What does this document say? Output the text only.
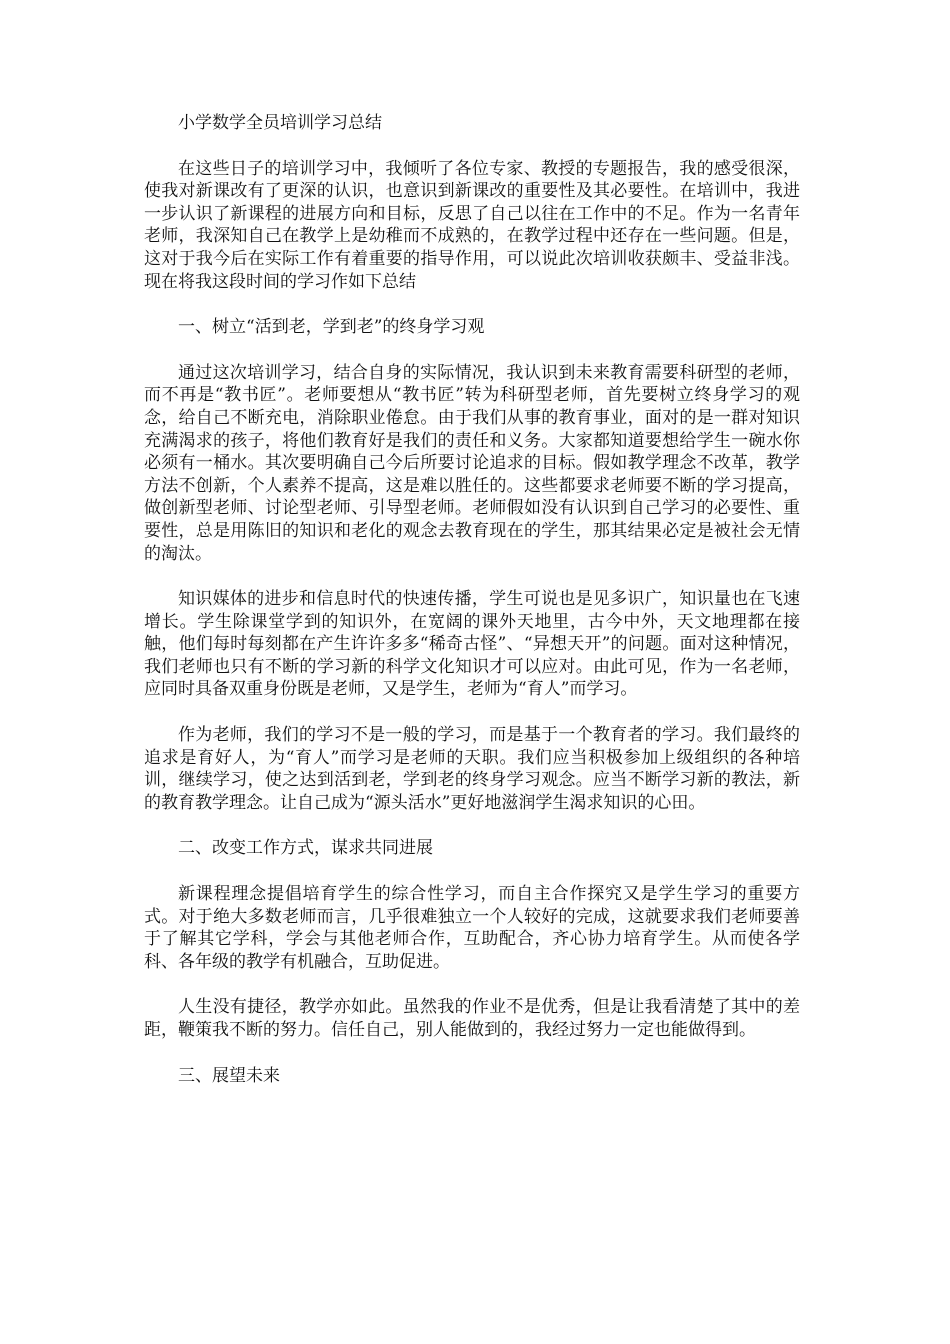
小学数学全员培训学习总结

在这些日子的培训学习中，我倾听了各位专家、教授的专题报告，我的感受很深，使我对新课改有了更深的认识，也意识到新课改的重要性及其必要性。在培训中，我进一步认识了新课程的进展方向和目标，反思了自己以往在工作中的不足。作为一名青年老师，我深知自己在教学上是幼稚而不成熟的，在教学过程中还存在一些问题。但是，这对于我今后在实际工作有着重要的指导作用，可以说此次培训收获颇丰、受益非浅。现在将我这段时间的学习作如下总结

一、树立“活到老，学到老”的终身学习观

通过这次培训学习，结合自身的实际情况，我认识到未来教育需要科研型的老师，而不再是“教书匠”。老师要想从“教书匠”转为科研型老师，首先要树立终身学习的观念，给自己不断充电，消除职业倦怠。由于我们从事的教育事业，面对的是一群对知识充满渴求的孩子，将他们教育好是我们的责任和义务。大家都知道要想给学生一碗水你必须有一桶水。其次要明确自己今后所要讨论追求的目标。假如教学理念不改革，教学方法不创新，个人素养不提高，这是难以胜任的。这些都要求老师要不断的学习提高，做创新型老师、讨论型老师、引导型老师。老师假如没有认识到自己学习的必要性、重要性，总是用陈旧的知识和老化的观念去教育现在的学生，那其结果必定是被社会无情的淘汰。

知识媒体的进步和信息时代的快速传播，学生可说也是见多识广，知识量也在飞速增长。学生除课堂学到的知识外，在宽阔的课外天地里，古今中外，天文地理都在接触，他们每时每刻都在产生许许多多“稀奇古怪”、“异想天开”的问题。面对这种情况，我们老师也只有不断的学习新的科学文化知识才可以应对。由此可见，作为一名老师，应同时具备双重身份既是老师，又是学生，老师为“育人”而学习。

作为老师，我们的学习不是一般的学习，而是基于一个教育者的学习。我们最终的追求是育好人，为“育人”而学习是老师的天职。我们应当积极参加上级组织的各种培训，继续学习，使之达到活到老，学到老的终身学习观念。应当不断学习新的教法，新的教育教学理念。让自己成为“源头活水”更好地滋润学生渴求知识的心田。

二、改变工作方式，谋求共同进展

新课程理念提倡培育学生的综合性学习，而自主合作探究又是学生学习的重要方式。对于绝大多数老师而言，几乎很难独立一个人较好的完成，这就要求我们老师要善于了解其它学科，学会与其他老师合作，互助配合，齐心协力培育学生。从而使各学科、各年级的教学有机融合，互助促进。

人生没有捷径，教学亦如此。虽然我的作业不是优秀，但是让我看清楚了其中的差距，鞭策我不断的努力。信任自己，别人能做到的，我经过努力一定也能做得到。

三、展望未来
